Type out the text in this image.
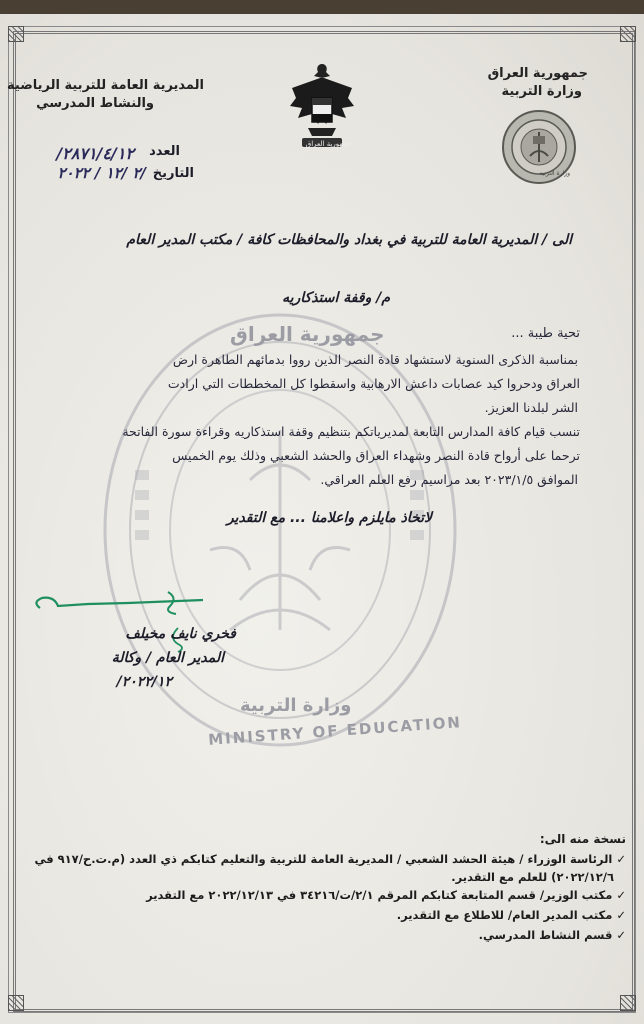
جمهورية العراق
وزارة التربية
MINISTRY OF EDUCATION
جمهورية العراق
وزارة التربية
المديرية العامة للتربية الرياضية
والنشاط المدرسي
جمهورية العراق
وزارة التربية
العدد
٢٨٧١/٤/١٢/
التاريخ
/٢ /١٢ / ٢٠٢٢
الى / المديرية العامة للتربية في بغداد والمحافظات كافة / مكتب المدير العام
م/ وقفة استذكاريه
تحية طيبة ...
بمناسبة الذكرى السنوية لاستشهاد قادة النصر الذين رووا بدمائهم الطاهرة ارض
العراق ودحروا كيد عصابات داعش الارهابية واسقطوا كل المخططات التي ارادت
الشر لبلدنا العزيز.
تنسب قيام كافة المدارس التابعة لمديرياتكم بتنظيم وقفة استذكاريه وقراءة سورة الفاتحة
ترحما على أرواح قادة النصر وشهداء العراق والحشد الشعبي وذلك يوم الخميس
الموافق ٢٠٢٣/١/٥ بعد مراسيم رفع العلم العراقي.
لاتخاذ مايلزم واعلامنا ... مع التقدير
فخري نايف مخيلف
المدير العام / وكالة
٢٠٢٢/١٢/
نسخة منه الى:
✓الرئاسة الوزراء / هيئة الحشد الشعبي / المديرية العامة للتربية والتعليم كتابكم ذي العدد (م.ت.ح/٩١٧ في
٢٠٢٢/١٢/٦) للعلم مع التقدير.
✓مكتب الوزير/ قسم المتابعة كتابكم المرقم ٢/١/ت/٣٤٢١٦ في ٢٠٢٢/١٢/١٣ مع التقدير
✓مكتب المدير العام/ للاطلاع مع التقدير.
✓قسم النشاط المدرسي.
